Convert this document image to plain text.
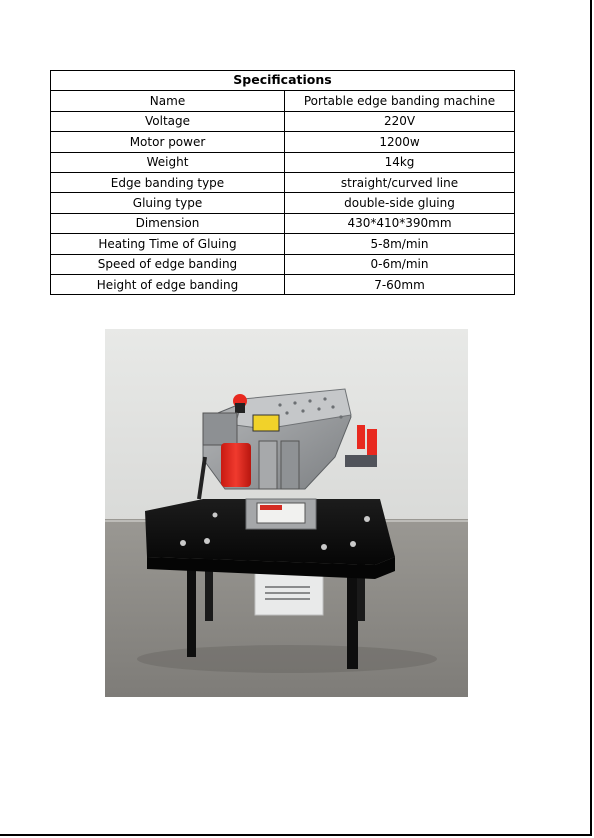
Specifications	
Name	Portable edge banding machine
Voltage	220V
Motor power	1200w
Weight	14kg
Edge banding type	straight/curved line
Gluing type	double-side gluing
Dimension	430*410*390mm
Heating Time of Gluing	5-8m/min
Speed of edge banding	0-6m/min
Height of edge banding	7-60mm
